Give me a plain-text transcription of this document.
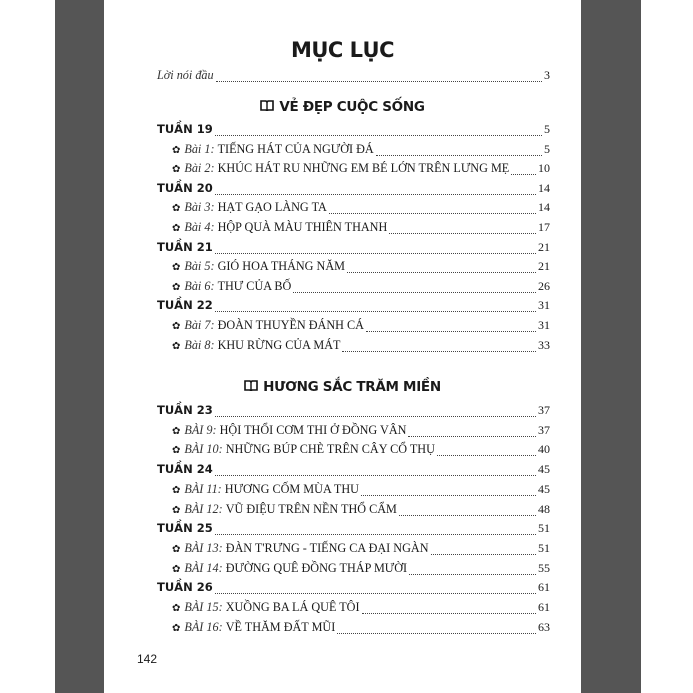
MỤC LỤC
Lời nói đầu	3
142
VẺ ĐẸP CUỘC SỐNG
TUẦN 19	5
✿ Bài 1:
TIẾNG HÁT CỦA NGƯỜI ĐÁ	5
✿ Bài 2:
KHÚC HÁT RU NHỮNG EM BÉ LỚN TRÊN LƯNG MẸ 10
TUẦN 20	14
✿ Bài 3:
HẠT GẠO LÀNG TA	14
✿ Bài 4:
HỘP QUÀ MÀU THIÊN THANH	17
TUẦN 21	21
✿ Bài 5:
GIÓ HOA THÁNG NĂM	21
✿ Bài 6:
THƯ CỦA BỐ	26
TUẦN 22	31
✿ Bài 7:
ĐOÀN THUYỀN ĐÁNH CÁ	31
✿ Bài 8:
KHU RỪNG CỦA MÁT	33
HƯƠNG SẮC TRĂM MIỀN
TUẦN 23	37
✿ BÀI 9:
HỘI THỔI CƠM THI Ở ĐỒNG VÂN	37
✿ BÀI 10:
NHỮNG BÚP CHÈ TRÊN CÂY CỔ THỤ	40
TUẦN 24	45
✿ BÀI 11:
HƯƠNG CỐM MÙA THU	45
✿ BÀI 12:
VŨ ĐIỆU TRÊN NỀN THỔ CẨM	48
TUẦN 25	51
✿ BÀI 13:
ĐÀN T'RƯNG - TIẾNG CA ĐẠI NGÀN	51
✿ BÀI 14:
ĐƯỜNG QUÊ ĐỒNG THÁP MƯỜI	55
TUẦN 26	61
✿ BÀI 15:
XUỒNG BA LÁ QUÊ TÔI	61
✿ BÀI 16:
VỀ THĂM ĐẤT MŨI	63
